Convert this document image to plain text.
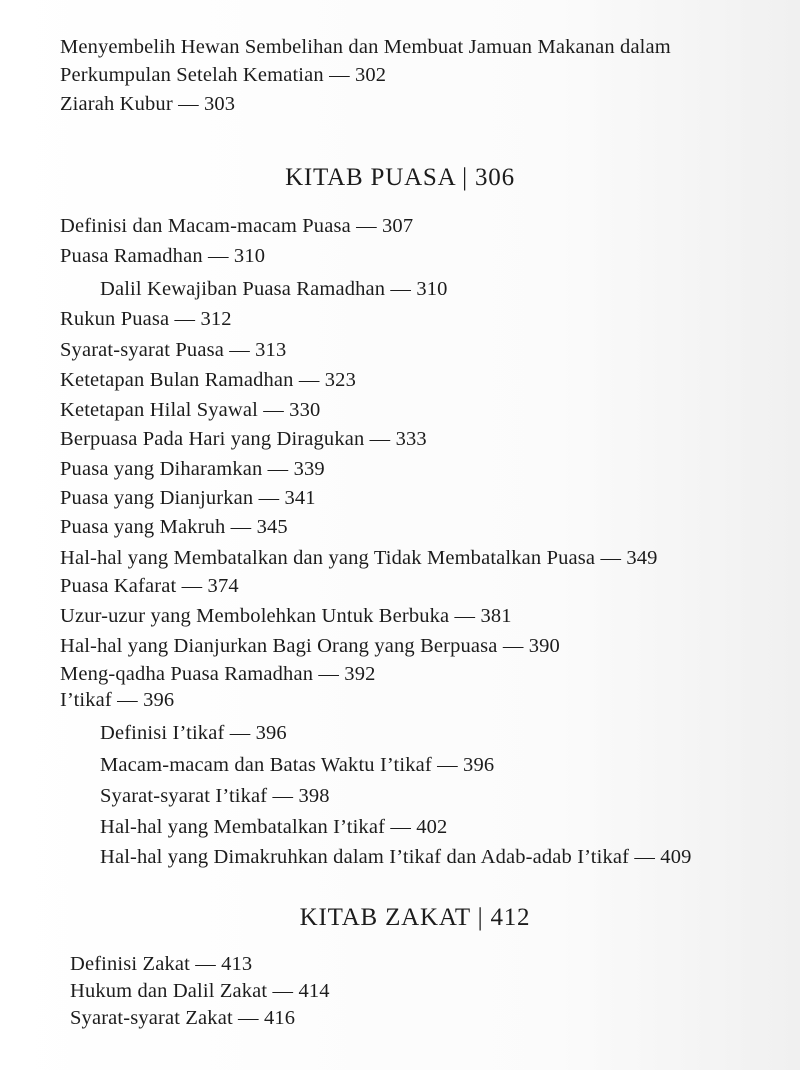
Menyembelih Hewan Sembelihan dan Membuat Jamuan Makanan dalam
Perkumpulan Setelah Kematian — 302
Ziarah Kubur — 303
KITAB PUASA | 306
Definisi dan Macam-macam Puasa — 307
Puasa Ramadhan — 310
Dalil Kewajiban Puasa Ramadhan — 310
Rukun Puasa — 312
Syarat-syarat Puasa — 313
Ketetapan Bulan Ramadhan — 323
Ketetapan Hilal Syawal — 330
Berpuasa Pada Hari yang Diragukan — 333
Puasa yang Diharamkan — 339
Puasa yang Dianjurkan — 341
Puasa yang Makruh — 345
Hal-hal yang Membatalkan dan yang Tidak Membatalkan Puasa — 349
Puasa Kafarat — 374
Uzur-uzur yang Membolehkan Untuk Berbuka — 381
Hal-hal yang Dianjurkan Bagi Orang yang Berpuasa — 390
Meng-qadha Puasa Ramadhan — 392
I’tikaf — 396
Definisi I’tikaf — 396
Macam-macam dan Batas Waktu I’tikaf — 396
Syarat-syarat I’tikaf — 398
Hal-hal yang Membatalkan I’tikaf — 402
Hal-hal yang Dimakruhkan dalam I’tikaf dan Adab-adab I’tikaf — 409
KITAB ZAKAT | 412
Definisi Zakat — 413
Hukum dan Dalil Zakat — 414
Syarat-syarat Zakat — 416
